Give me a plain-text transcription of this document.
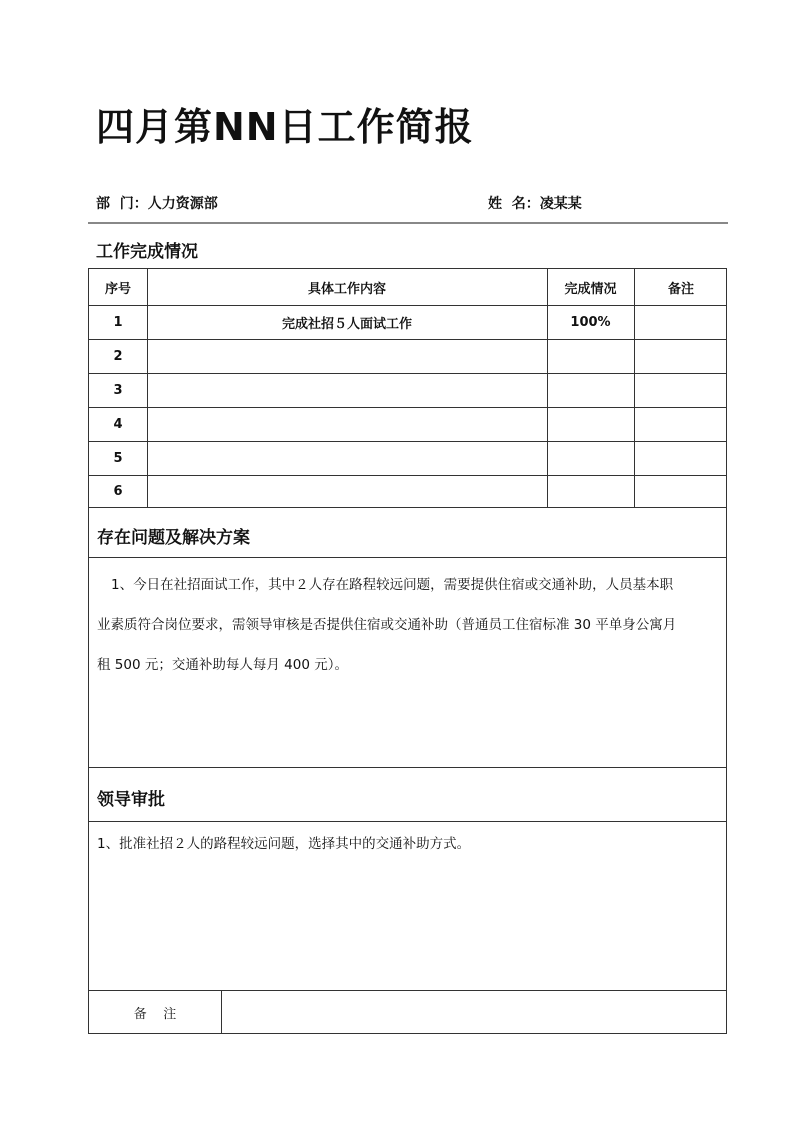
四月第NN日工作简报
部  门：人力资源部	姓  名：凌某某
工作完成情况
序号	具体工作内容	完成情况	备注
1	完成社招５人面试工作	100%
2
3
4
5
6
存在问题及解决方案
1、今日在社招面试工作，其中２人存在路程较远问题，需要提供住宿或交通补助，人员基本职
业素质符合岗位要求，需领导审核是否提供住宿或交通补助（普通员工住宿标准 30 平单身公寓月
租 500 元；交通补助每人每月 400 元）。
领导审批
1、批准社招２人的路程较远问题，选择其中的交通补助方式。
备    注
